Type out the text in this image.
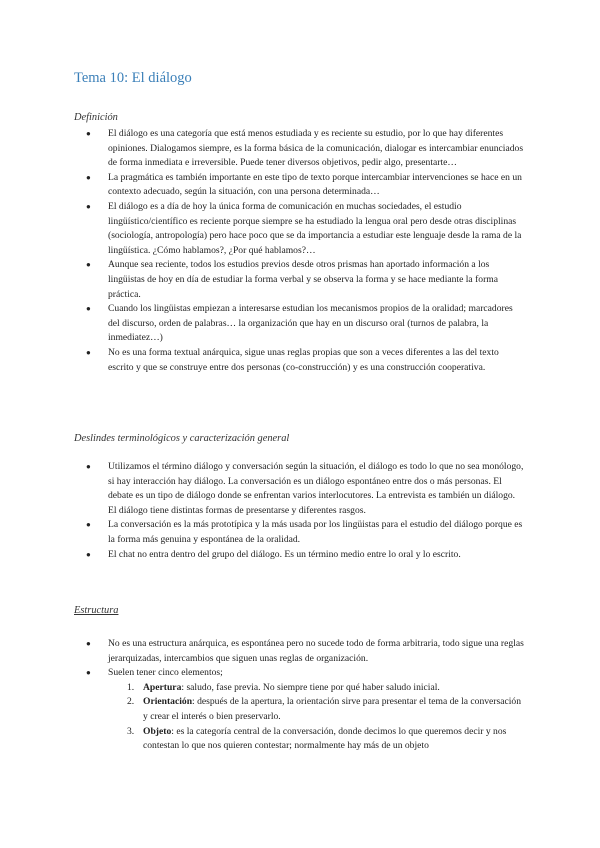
Tema 10: El diálogo
Definición
● El diálogo es una categoría que está menos estudiada y es reciente su estudio, por lo que hay diferentes opiniones. Dialogamos siempre, es la forma básica de la comunicación, dialogar es intercambiar enunciados de forma inmediata e irreversible. Puede tener diversos objetivos, pedir algo, presentarte…
● La pragmática es también importante en este tipo de texto porque intercambiar intervenciones se hace en un contexto adecuado, según la situación, con una persona determinada…
● El diálogo es a día de hoy la única forma de comunicación en muchas sociedades, el estudio lingüístico/científico es reciente porque siempre se ha estudiado la lengua oral pero desde otras disciplinas (sociología, antropología) pero hace poco que se da importancia a estudiar este lenguaje desde la rama de la lingüística. ¿Cómo hablamos?, ¿Por qué hablamos?…
● Aunque sea reciente, todos los estudios previos desde otros prismas han aportado información a los lingüistas de hoy en día de estudiar la forma verbal y se observa la forma y se hace mediante la forma práctica.
● Cuando los lingüistas empiezan a interesarse estudian los mecanismos propios de la oralidad; marcadores del discurso, orden de palabras… la organización que hay en un discurso oral (turnos de palabra, la inmediatez…)
● No es una forma textual anárquica, sigue unas reglas propias que son a veces diferentes a las del texto escrito y que se construye entre dos personas (co-construcción) y es una construcción cooperativa.
Deslindes terminológicos y caracterización general
● Utilizamos el término diálogo y conversación según la situación, el diálogo es todo lo que no sea monólogo, si hay interacción hay diálogo. La conversación es un diálogo espontáneo entre dos o más personas. El debate es un tipo de diálogo donde se enfrentan varios interlocutores. La entrevista es también un diálogo. El diálogo tiene distintas formas de presentarse y diferentes rasgos.
● La conversación es la más prototípica y la más usada por los lingüistas para el estudio del diálogo porque es la forma más genuina y espontánea de la oralidad.
● El chat no entra dentro del grupo del diálogo. Es un término medio entre lo oral y lo escrito.
Estructura
● No es una estructura anárquica, es espontánea pero no sucede todo de forma arbitraria, todo sigue una reglas jerarquizadas, intercambios que siguen unas reglas de organización.
● Suelen tener cinco elementos;
1. Apertura: saludo, fase previa. No siempre tiene por qué haber saludo inicial.
2. Orientación: después de la apertura, la orientación sirve para presentar el tema de la conversación y crear el interés o bien preservarlo.
3. Objeto: es la categoría central de la conversación, donde decimos lo que queremos decir y nos contestan lo que nos quieren contestar; normalmente hay más de un objeto
